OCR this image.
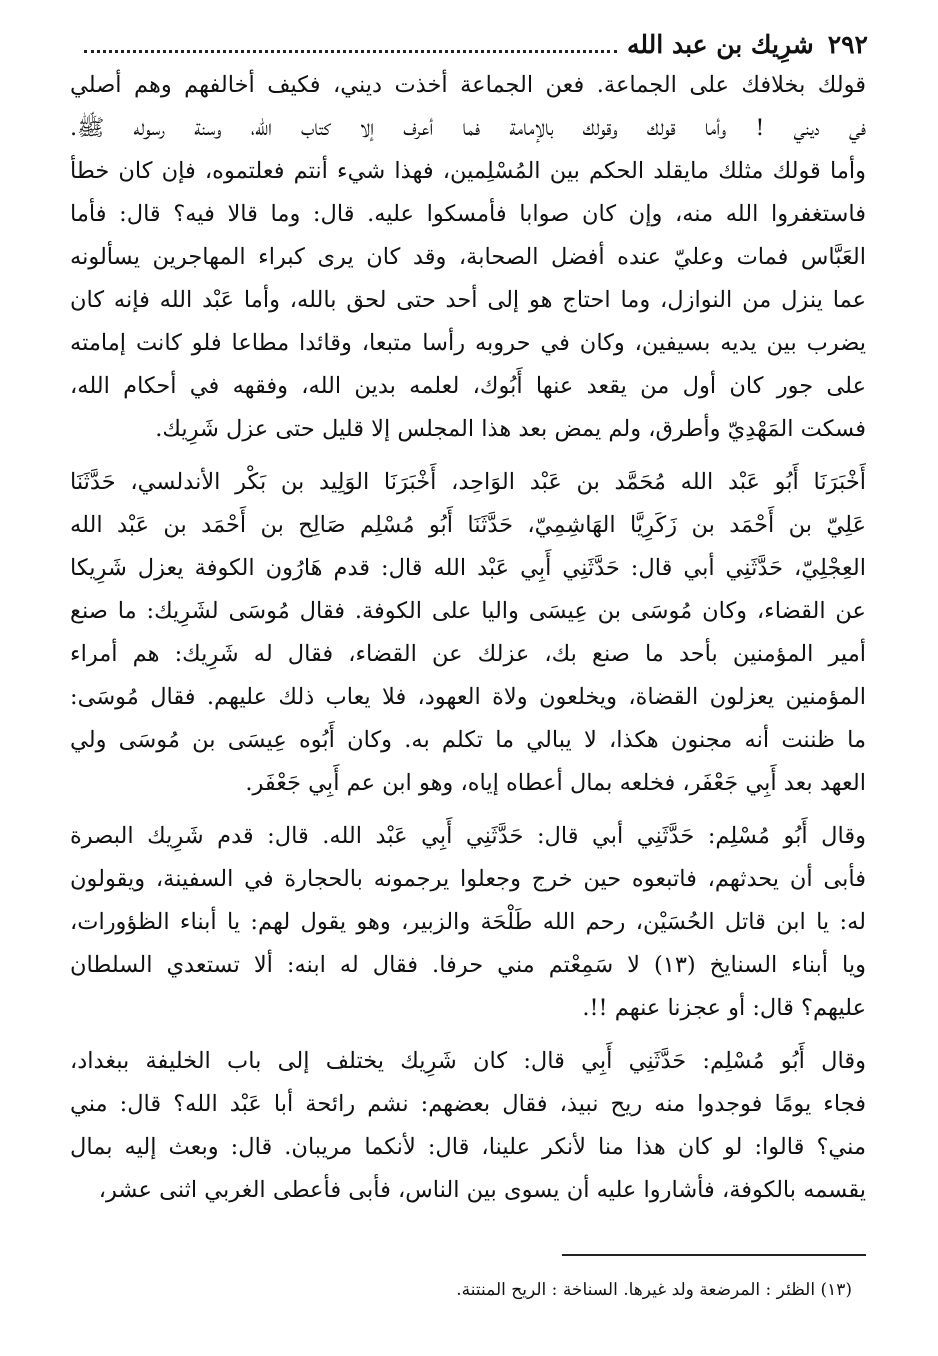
٢٩٢
شرِيك بن عبد الله
قولك بخلافك على الجماعة. فعن الجماعة أخذت ديني، فكيف أخالفهم وهم أصلي
في ديني ! وأما قولك وقولك بالإمامة فما أعرف إلا كتاب الله، وسنة رسوله ﷺ.
وأما قولك مثلك مايقلد الحكم بين المُسْلِمين، فهذا شيء أنتم فعلتموه، فإن كان خطأ
فاستغفروا الله منه، وإن كان صوابا فأمسكوا عليه. قال: وما قالا فيه؟ قال: فأما
العَبَّاس فمات وعليّ عنده أفضل الصحابة، وقد كان يرى كبراء المهاجرين يسألونه
عما ينزل من النوازل، وما احتاج هو إلى أحد حتى لحق بالله، وأما عَبْد الله فإنه كان
يضرب بين يديه بسيفين، وكان في حروبه رأسا متبعا، وقائدا مطاعا فلو كانت إمامته
على جور كان أول من يقعد عنها أَبُوك، لعلمه بدين الله، وفقهه في أحكام الله،
فسكت المَهْدِيّ وأطرق، ولم يمض بعد هذا المجلس إلا قليل حتى عزل شَرِيك.
أَخْبَرَنَا أَبُو عَبْد الله مُحَمَّد بن عَبْد الوَاحِد، أَخْبَرَنَا الوَلِيد بن بَكْر الأندلسي، حَدَّثَنَا
عَلِيّ بن أَحْمَد بن زَكَرِيَّا الهَاشِمِيّ، حَدَّثَنَا أَبُو مُسْلِم صَالِح بن أَحْمَد بن عَبْد الله
العِجْلِيّ، حَدَّثَنِي أبي قال: حَدَّثَنِي أَبِي عَبْد الله قال: قدم هَارُون الكوفة يعزل شَرِيكا
عن القضاء، وكان مُوسَى بن عِيسَى واليا على الكوفة. فقال مُوسَى لشَرِيك: ما صنع
أمير المؤمنين بأحد ما صنع بك، عزلك عن القضاء، فقال له شَرِيك: هم أمراء
المؤمنين يعزلون القضاة، ويخلعون ولاة العهود، فلا يعاب ذلك عليهم. فقال مُوسَى:
ما ظننت أنه مجنون هكذا، لا يبالي ما تكلم به. وكان أَبُوه عِيسَى بن مُوسَى ولي
العهد بعد أَبِي جَعْفَر، فخلعه بمال أعطاه إياه، وهو ابن عم أَبِي جَعْفَر.
وقال أَبُو مُسْلِم: حَدَّثَنِي أبي قال: حَدَّثَنِي أَبِي عَبْد الله. قال: قدم شَرِيك البصرة
فأبى أن يحدثهم، فاتبعوه حين خرج وجعلوا يرجمونه بالحجارة في السفينة، ويقولون
له: يا ابن قاتل الحُسَيْن، رحم الله طَلْحَة والزبير، وهو يقول لهم: يا أبناء الظؤورات،
ويا أبناء السنايخ (١٣) لا سَمِعْتم مني حرفا. فقال له ابنه: ألا تستعدي السلطان
عليهم؟ قال: أو عجزنا عنهم !!.
وقال أَبُو مُسْلِم: حَدَّثَنِي أَبِي قال: كان شَرِيك يختلف إلى باب الخليفة ببغداد،
فجاء يومًا فوجدوا منه ريح نبيذ، فقال بعضهم: نشم رائحة أبا عَبْد الله؟ قال: مني
مني؟ قالوا: لو كان هذا منا لأنكر علينا، قال: لأنكما مريبان. قال: وبعث إليه بمال
يقسمه بالكوفة، فأشاروا عليه أن يسوى بين الناس، فأبى فأعطى الغربي اثنى عشر،
(١٣) الظئر : المرضعة ولد غيرها. السناخة : الريح المنتنة.
